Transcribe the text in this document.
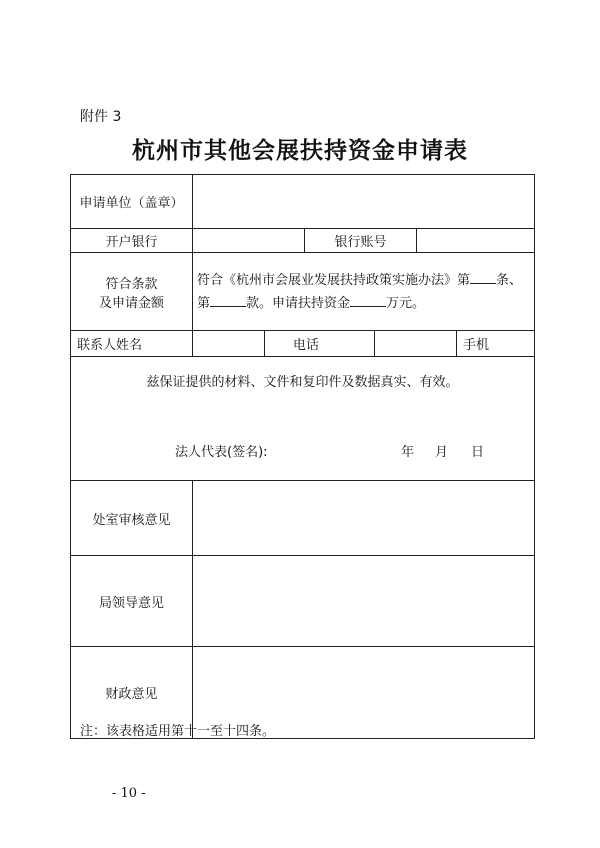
附件 3
杭州市其他会展扶持资金申请表
申请单位（盖章）						
开户银行			银行账号			

符合条款
及申请金额	符合《杭州市会展业发展扶持政策实施办法》第 条、第 款。申请扶持资金 万元。					
联系人姓名		电话				手机

兹保证提供的材料、文件和复印件及数据真实、有效。
法人代表(签名): 年 月 日						

处室审核意见						
局领导意见						
财政意见						
注：该表格适用第十一至十四条。
- 10 -
